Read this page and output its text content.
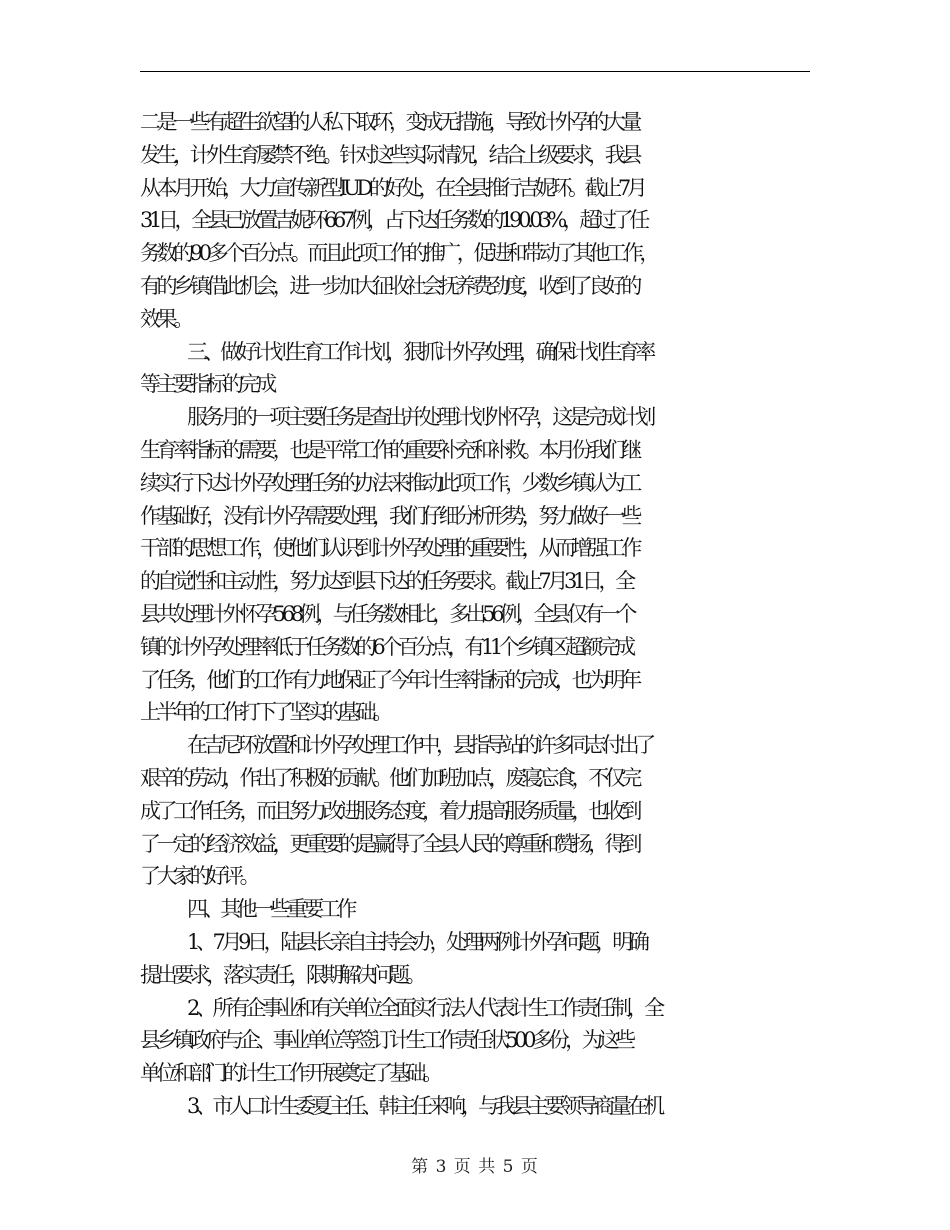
二是一些有超生欲望的人私下取环，变成无措施，导致计外孕的大量

发生，计外生育屡禁不绝。针对这些实际情况，结合上级要求，我县

从本月开始，大力宣传新型IUD的好处，在全县推行吉妮环。截止7月

31日，全县已放置吉妮环667例，占下达任务数的190.03%，超过了任

务数的90多个百分点。而且此项工作的推广，促进和带动了其他工作，

有的乡镇借此机会，进一步加大征收社会抚养费劲度，收到了良好的

效果。

三、做好计划生育工作计划，狠抓计外孕处理，确保计划生育率

等主要指标的完成

服务月的一项主要任务是查出并处理计划外怀孕，这是完成计划

生育率指标的需要，也是平常工作的重要补充和补救。本月份我们继

续实行下达计外孕处理任务的办法来推动此项工作，少数乡镇认为工

作基础好，没有计外孕需要处理，我们仔细分析形势，努力做好一些

干部的思想工作，使他们认识到计外孕处理的重要性，从而增强工作

的自觉性和主动性，努力达到县下达的任务要求。截止7月31日，全

县共处理计外怀孕568例，与任务数相比，多出56例，全县仅有一个

镇的计外孕处理率低于任务数的6个百分点，有11个乡镇区超额完成

了任务，他们的工作有力地保证了今年计生率指标的完成，也为明年

上半年的工作打下了坚实的基础。

在吉尼环放置和计外孕处理工作中，县指导站的许多同志付出了

艰辛的劳动，作出了积极的贡献。他们加班加点，废寝忘食，不仅完

成了工作任务，而且努力改进服务态度，着力提高服务质量，也收到

了一定的经济效益，更重要的是赢得了全县人民的尊重和赞扬，得到

了大家的好评。

四、其他一些重要工作

1、7月9日，陆县长亲自主持会办，处理两例计外孕问题，明确

提出要求，落实责任，限期解决问题。

2、所有企事业和有关单位全面实行法人代表计生工作责任制，全

县乡镇政府与企、事业单位等签订计生工作责任状500多份，为这些

单位和部门的计生工作开展奠定了基础。

3、市人口计生委夏主任、韩主任来响，与我县主要领导商量在机

第 3 页 共 5 页
